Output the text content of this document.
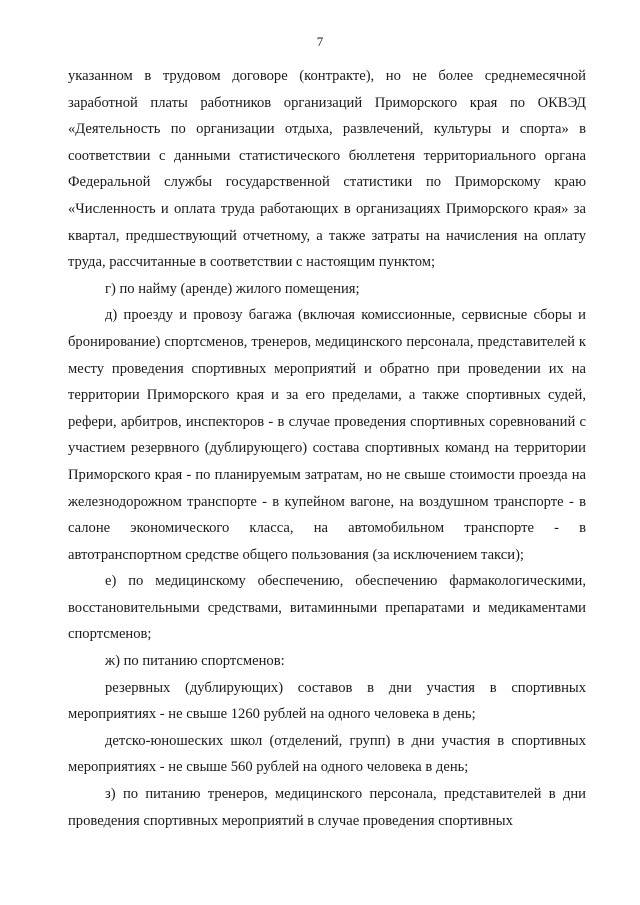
7

указанном в трудовом договоре (контракте), но не более среднемесячной заработной платы работников организаций Приморского края по ОКВЭД «Деятельность по организации отдыха, развлечений, культуры и спорта» в соответствии с данными статистического бюллетеня территориального органа Федеральной службы государственной статистики по Приморскому краю «Численность и оплата труда работающих в организациях Приморского края» за квартал, предшествующий отчетному, а также затраты на начисления на оплату труда, рассчитанные в соответствии с настоящим пунктом;

г) по найму (аренде) жилого помещения;

д) проезду и провозу багажа (включая комиссионные, сервисные сборы и бронирование) спортсменов, тренеров, медицинского персонала, представителей к месту проведения спортивных мероприятий и обратно при проведении их на территории Приморского края и за его пределами, а также спортивных судей, рефери, арбитров, инспекторов - в случае проведения спортивных соревнований с участием резервного (дублирующего) состава спортивных команд на территории Приморского края - по планируемым затратам, но не свыше стоимости проезда на железнодорожном транспорте - в купейном вагоне, на воздушном транспорте - в салоне экономического класса, на автомобильном транспорте - в автотранспортном средстве общего пользования (за исключением такси);

е) по медицинскому обеспечению, обеспечению фармакологическими, восстановительными средствами, витаминными препаратами и медикаментами спортсменов;

ж) по питанию спортсменов:

резервных (дублирующих) составов в дни участия в спортивных мероприятиях - не свыше 1260 рублей на одного человека в день;

детско-юношеских школ (отделений, групп) в дни участия в спортивных мероприятиях - не свыше 560 рублей на одного человека в день;

з) по питанию тренеров, медицинского персонала, представителей в дни проведения спортивных мероприятий в случае проведения спортивных
